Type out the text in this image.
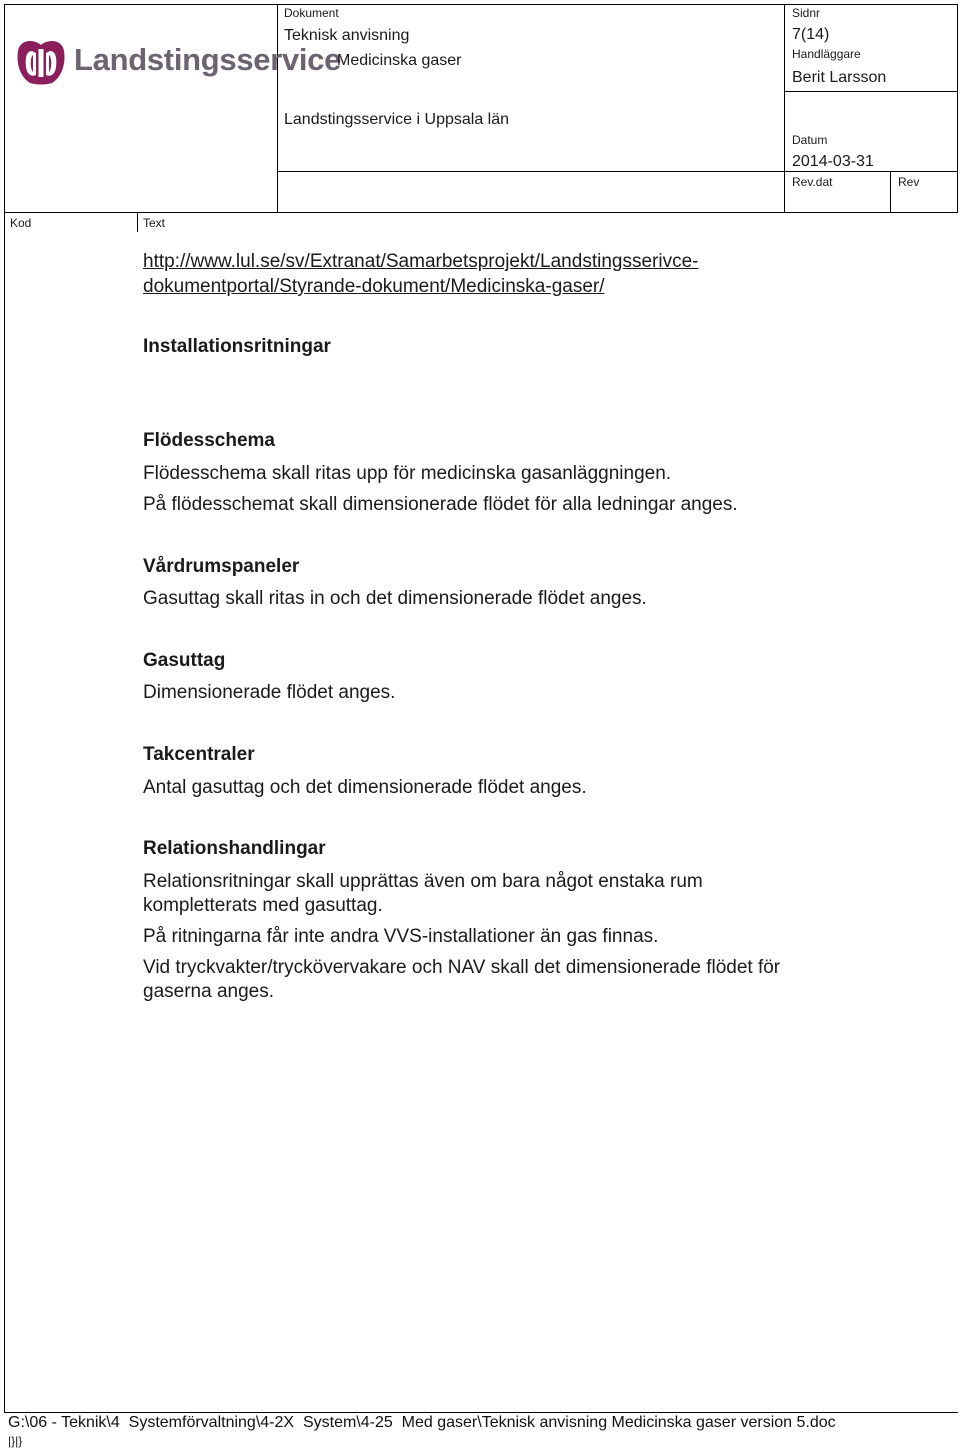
Landstingsservice
Dokument
Teknisk anvisning
Medicinska gaser
Landstingsservice i Uppsala län
Sidnr
7(14)
Handläggare
Berit Larsson
Datum
2014-03-31
Rev.dat	Rev
Kod	Text
http://www.lul.se/sv/Extranat/Samarbetsprojekt/Landstingsserivce-
dokumentportal/Styrande-dokument/Medicinska-gaser/
Installationsritningar
Flödesschema
Flödesschema skall ritas upp för medicinska gasanläggningen.
På flödesschemat skall dimensionerade flödet för alla ledningar anges.
Vårdrumspaneler
Gasuttag skall ritas in och det dimensionerade flödet anges.
Gasuttag
Dimensionerade flödet anges.
Takcentraler
Antal gasuttag och det dimensionerade flödet anges.
Relationshandlingar
Relationsritningar skall upprättas även om bara något enstaka rum
kompletterats med gasuttag.
På ritningarna får inte andra VVS-installationer än gas finnas.
Vid tryckvakter/tryckövervakare och NAV skall det dimensionerade flödet för
gaserna anges.
G:\06 - Teknik\4  Systemförvaltning\4-2X  System\4-25  Med gaser\Teknisk anvisning Medicinska gaser version 5.doc
|}|}
